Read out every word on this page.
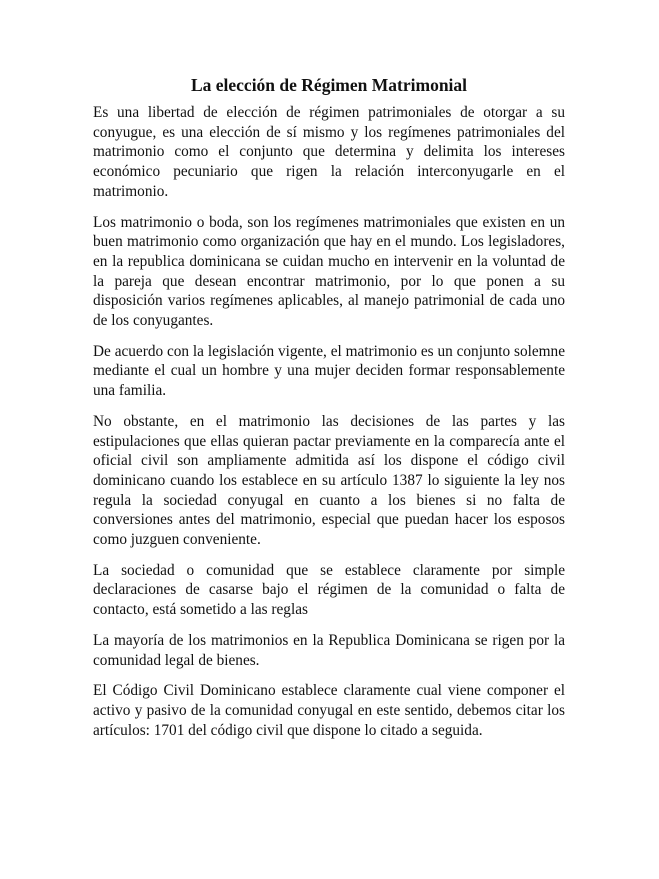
La elección de Régimen Matrimonial

Es una libertad de elección de régimen patrimoniales de otorgar a su conyugue, es una elección de sí mismo y los regímenes patrimoniales del matrimonio como el conjunto que determina y delimita los intereses económico pecuniario que rigen la relación interconyugarle en el matrimonio.

Los matrimonio o boda, son los regímenes matrimoniales que existen en un buen matrimonio como organización que hay en el mundo. Los legisladores, en la republica dominicana se cuidan mucho en intervenir en la voluntad de la pareja que desean encontrar matrimonio, por lo que ponen a su disposición varios regímenes aplicables, al manejo patrimonial de cada uno de los conyugantes.

De acuerdo con la legislación vigente, el matrimonio es un conjunto solemne mediante el cual un hombre y una mujer deciden formar responsablemente una familia.

No obstante, en el matrimonio las decisiones de las partes y las estipulaciones que ellas quieran pactar previamente en la comparecía ante el oficial civil son ampliamente admitida así los dispone el código civil dominicano cuando los establece en su artículo 1387 lo siguiente la ley nos regula la sociedad conyugal en cuanto a los bienes si no falta de conversiones antes del matrimonio, especial que puedan hacer los esposos como juzguen conveniente.

La sociedad o comunidad que se establece claramente por simple declaraciones de casarse bajo el régimen de la comunidad o falta de contacto, está sometido a las reglas

La mayoría de los matrimonios en la Republica Dominicana se rigen por la comunidad legal de bienes.

El Código Civil Dominicano establece claramente cual viene componer el activo y pasivo de la comunidad conyugal en este sentido, debemos citar los artículos: 1701 del código civil que dispone lo citado a seguida.
